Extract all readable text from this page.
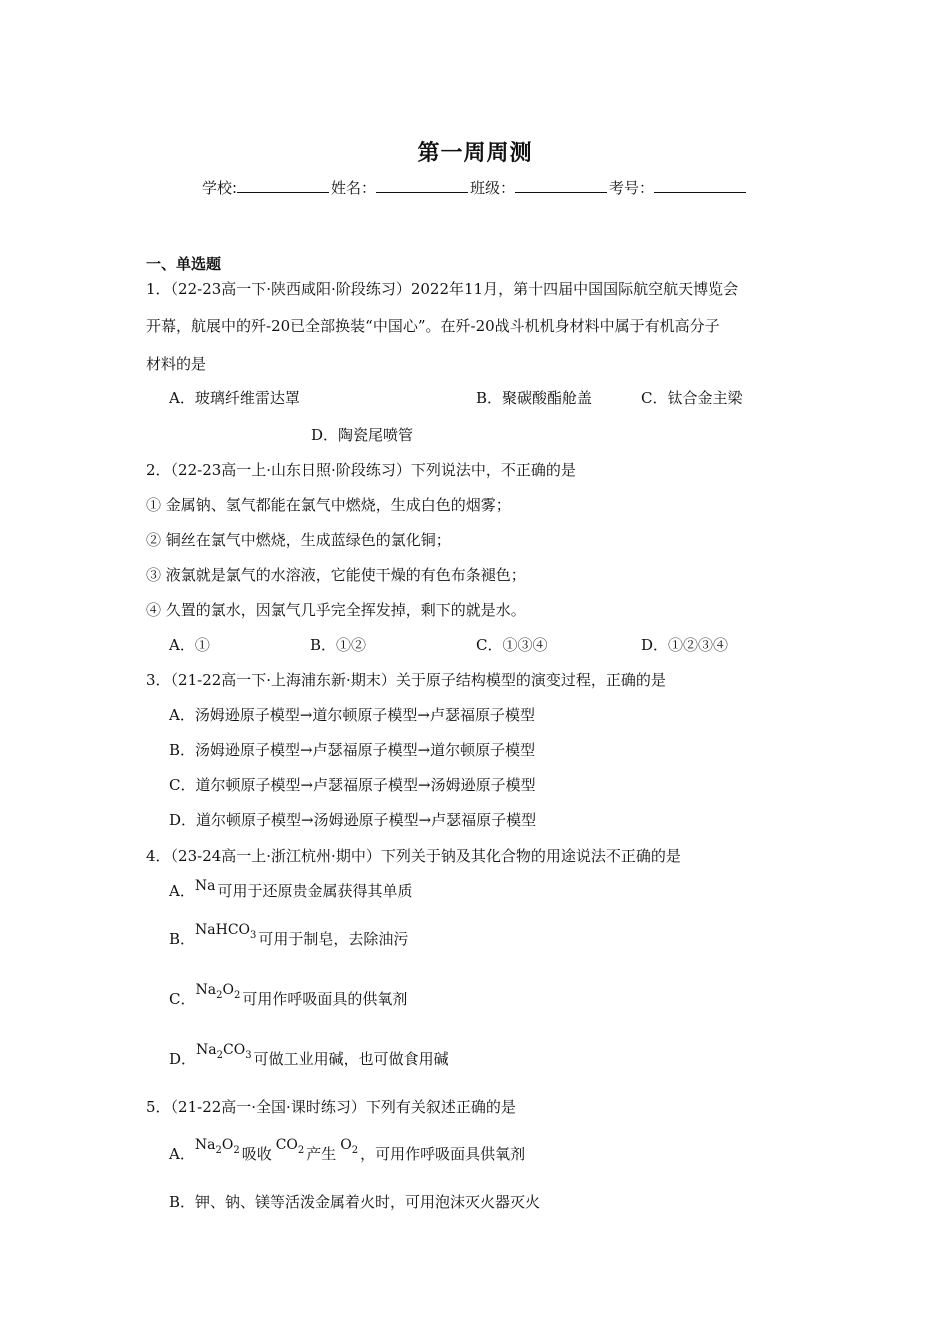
第一周周测
学校:	姓名：	班级：	考号：
一、单选题
1．（22-23高一下·陕西咸阳·阶段练习）2022年11月，第十四届中国国际航空航天博览会
开幕，航展中的歼-20已全部换装“中国心”。在歼-20战斗机机身材料中属于有机高分子
材料的是
A．玻璃纤维雷达罩	B．聚碳酸酯舱盖	C．钛合金主梁
D．陶瓷尾喷管
2．（22-23高一上·山东日照·阶段练习）下列说法中，不正确的是
① 金属钠、氢气都能在氯气中燃烧，生成白色的烟雾；
② 铜丝在氯气中燃烧，生成蓝绿色的氯化铜；
③ 液氯就是氯气的水溶液，它能使干燥的有色布条褪色；
④ 久置的氯水，因氯气几乎完全挥发掉，剩下的就是水。
A．①	B．①②	C．①③④	D．①②③④
3．（21-22高一下·上海浦东新·期末）关于原子结构模型的演变过程，正确的是
A．汤姆逊原子模型→道尔顿原子模型→卢瑟福原子模型
B．汤姆逊原子模型→卢瑟福原子模型→道尔顿原子模型
C．道尔顿原子模型→卢瑟福原子模型→汤姆逊原子模型
D．道尔顿原子模型→汤姆逊原子模型→卢瑟福原子模型
4．（23-24高一上·浙江杭州·期中）下列关于钠及其化合物的用途说法不正确的是
A．Na 可用于还原贵金属获得其单质
B．NaHCO$_3$ 可用于制皂，去除油污
C．$Na_2O_2$ 可用作呼吸面具的供氧剂
D．$Na_2CO_3$ 可做工业用碱，也可做食用碱
5．（21-22高一·全国·课时练习）下列有关叙述正确的是
A．$Na_2O_2$ 吸收 $CO_2$ 产生 $O_2$ ，可用作呼吸面具供氧剂
B．钾、钠、镁等活泼金属着火时，可用泡沫灭火器灭火
